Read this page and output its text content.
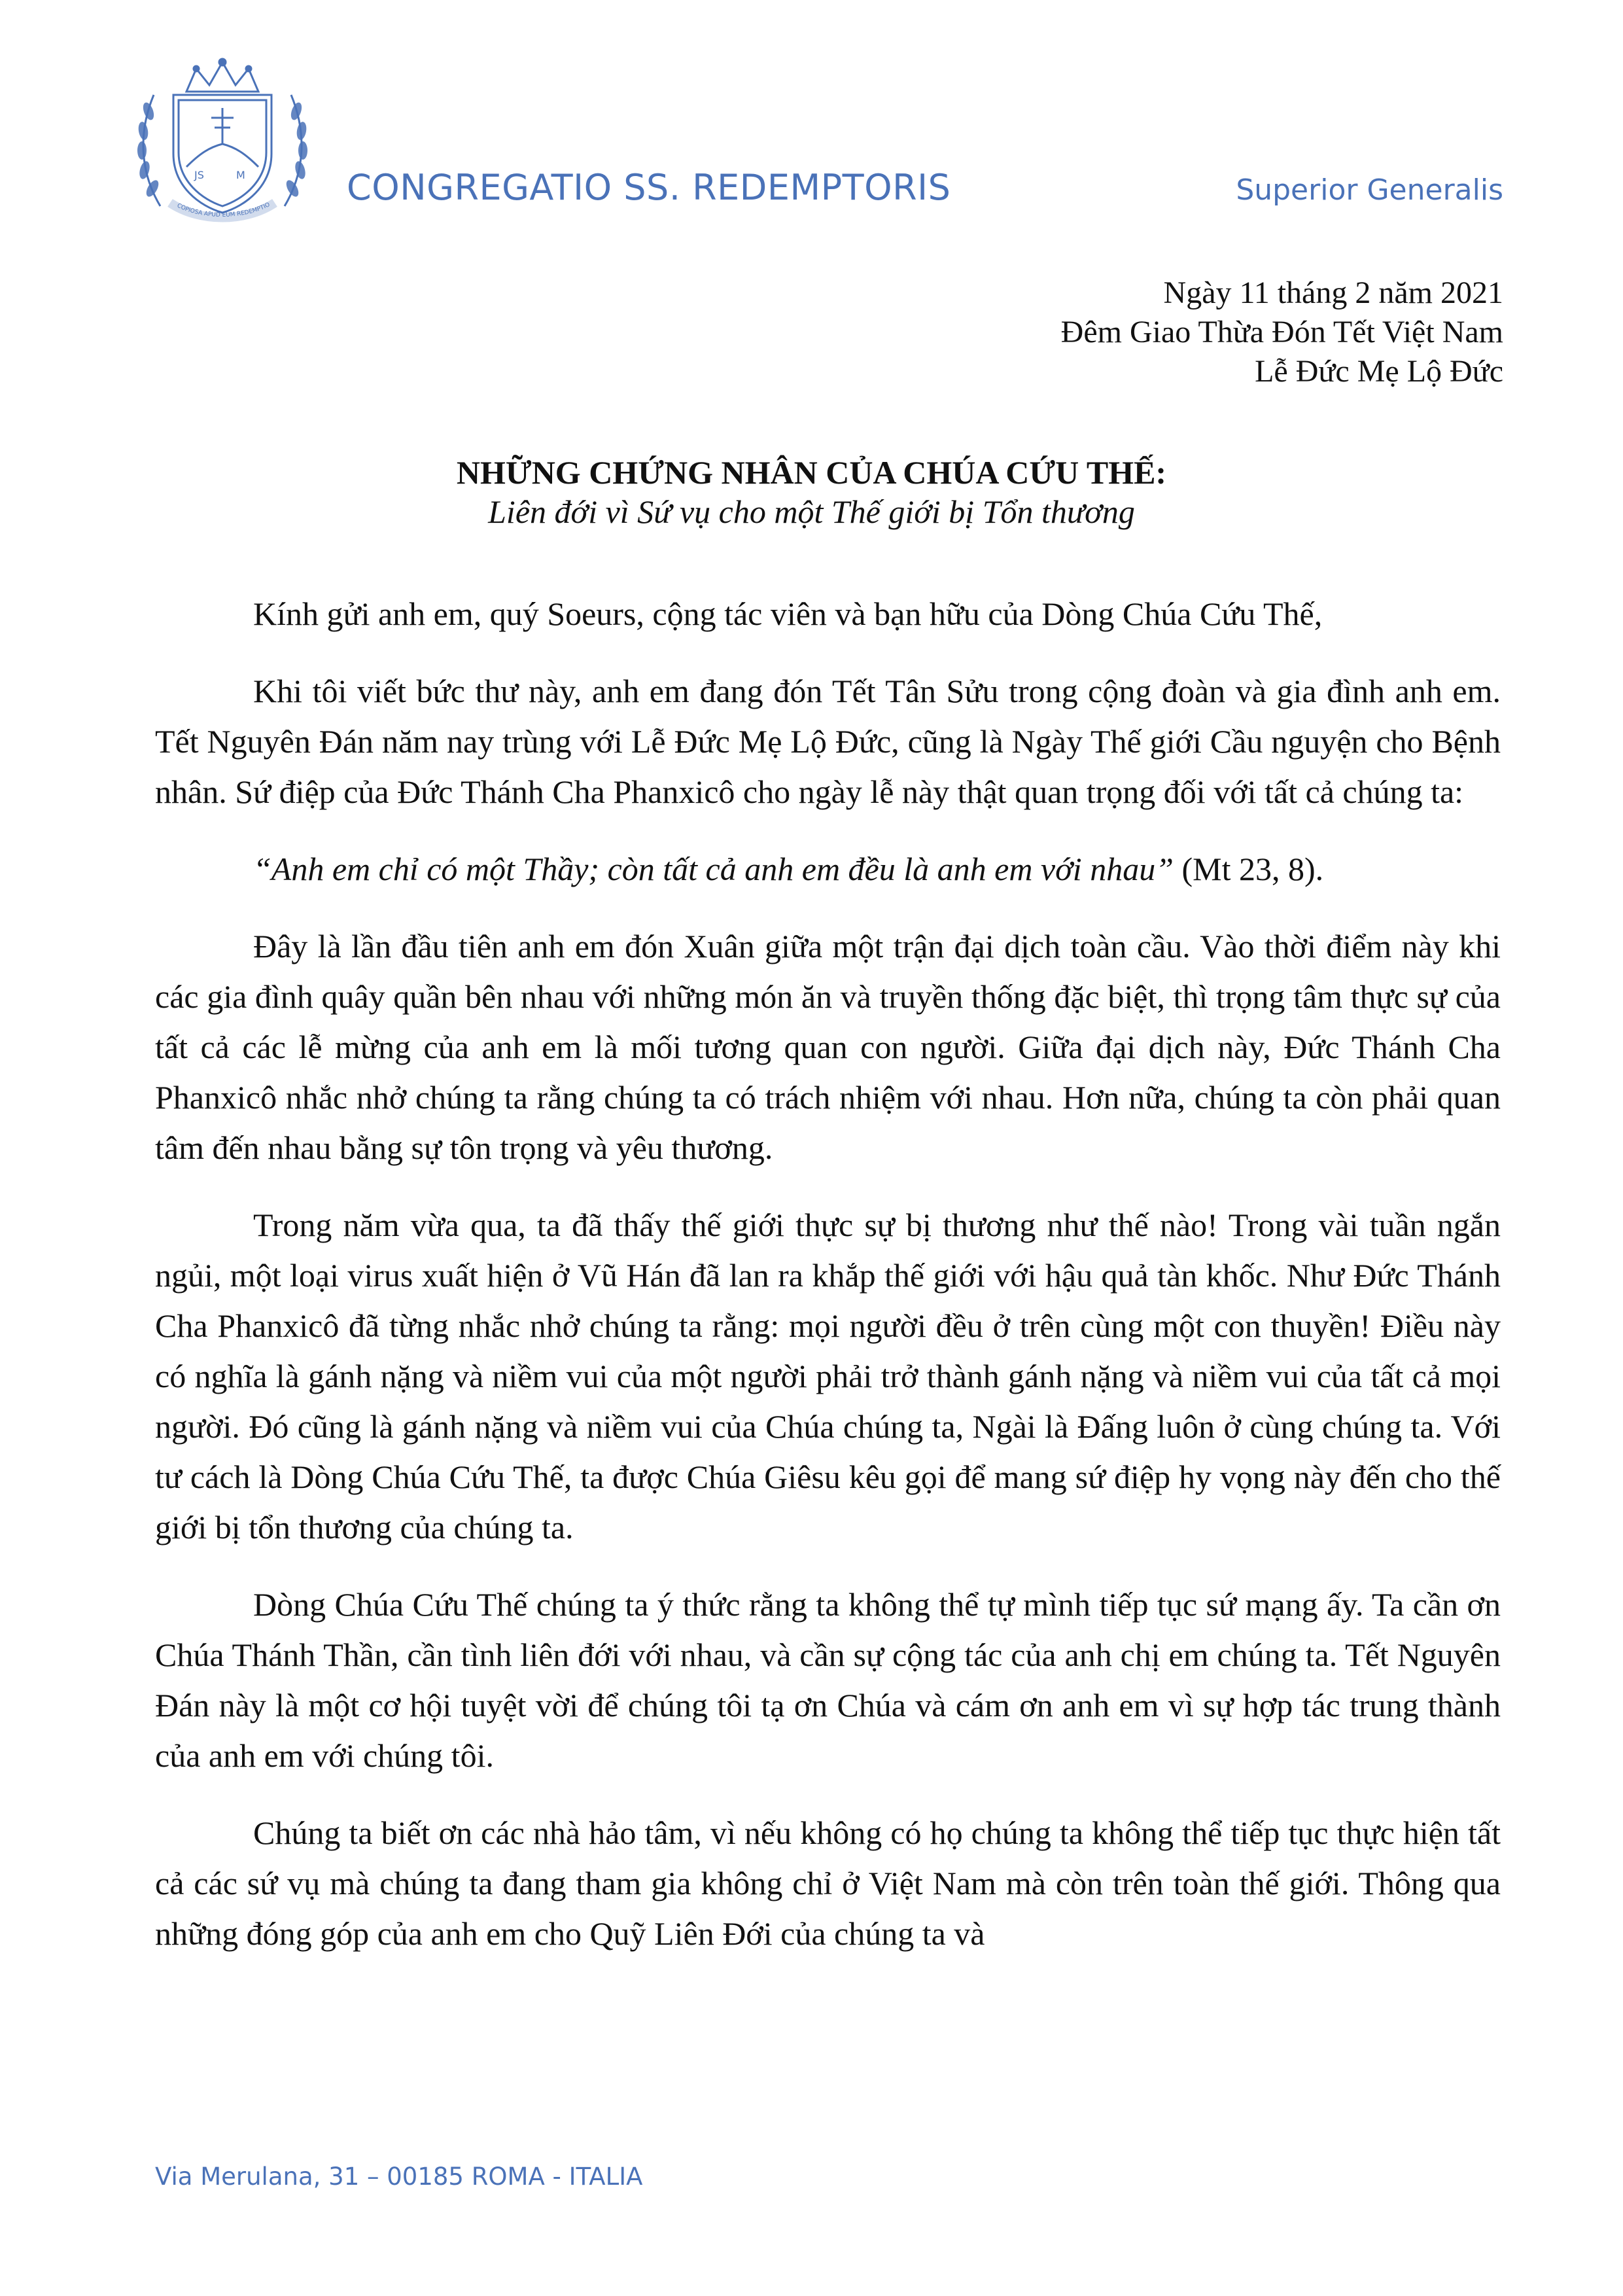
JS	M
COPIOSA APUD EUM REDEMPTIO CONGREGATIO SS. REDEMPTORIS	Superior Generalis
Ngày 11 tháng 2 năm 2021
Đêm Giao Thừa Đón Tết Việt Nam
Lễ Đức Mẹ Lộ Đức
NHỮNG CHỨNG NHÂN CỦA CHÚA CỨU THẾ:
Liên đới vì Sứ vụ cho một Thế giới bị Tổn thương

Kính gửi anh em, quý Soeurs, cộng tác viên và bạn hữu của Dòng Chúa Cứu Thế,

Khi tôi viết bức thư này, anh em đang đón Tết Tân Sửu trong cộng đoàn và gia đình anh em. Tết Nguyên Đán năm nay trùng với Lễ Đức Mẹ Lộ Đức, cũng là Ngày Thế giới Cầu nguyện cho Bệnh nhân. Sứ điệp của Đức Thánh Cha Phanxicô cho ngày lễ này thật quan trọng đối với tất cả chúng ta:

“Anh em chỉ có một Thầy; còn tất cả anh em đều là anh em với nhau” (Mt 23, 8).

Đây là lần đầu tiên anh em đón Xuân giữa một trận đại dịch toàn cầu. Vào thời điểm này khi các gia đình quây quần bên nhau với những món ăn và truyền thống đặc biệt, thì trọng tâm thực sự của tất cả các lễ mừng của anh em là mối tương quan con người. Giữa đại dịch này, Đức Thánh Cha Phanxicô nhắc nhở chúng ta rằng chúng ta có trách nhiệm với nhau. Hơn nữa, chúng ta còn phải quan tâm đến nhau bằng sự tôn trọng và yêu thương.

Trong năm vừa qua, ta đã thấy thế giới thực sự bị thương như thế nào! Trong vài tuần ngắn ngủi, một loại virus xuất hiện ở Vũ Hán đã lan ra khắp thế giới với hậu quả tàn khốc. Như Đức Thánh Cha Phanxicô đã từng nhắc nhở chúng ta rằng: mọi người đều ở trên cùng một con thuyền! Điều này có nghĩa là gánh nặng và niềm vui của một người phải trở thành gánh nặng và niềm vui của tất cả mọi người. Đó cũng là gánh nặng và niềm vui của Chúa chúng ta, Ngài là Đấng luôn ở cùng chúng ta. Với tư cách là Dòng Chúa Cứu Thế, ta được Chúa Giêsu kêu gọi để mang sứ điệp hy vọng này đến cho thế giới bị tổn thương của chúng ta.

Dòng Chúa Cứu Thế chúng ta ý thức rằng ta không thể tự mình tiếp tục sứ mạng ấy. Ta cần ơn Chúa Thánh Thần, cần tình liên đới với nhau, và cần sự cộng tác của anh chị em chúng ta. Tết Nguyên Đán này là một cơ hội tuyệt vời để chúng tôi tạ ơn Chúa và cám ơn anh em vì sự hợp tác trung thành của anh em với chúng tôi.

Chúng ta biết ơn các nhà hảo tâm, vì nếu không có họ chúng ta không thể tiếp tục thực hiện tất cả các sứ vụ mà chúng ta đang tham gia không chỉ ở Việt Nam mà còn trên toàn thế giới. Thông qua những đóng góp của anh em cho Quỹ Liên Đới của chúng ta và

Via Merulana, 31 – 00185 ROMA - ITALIA
